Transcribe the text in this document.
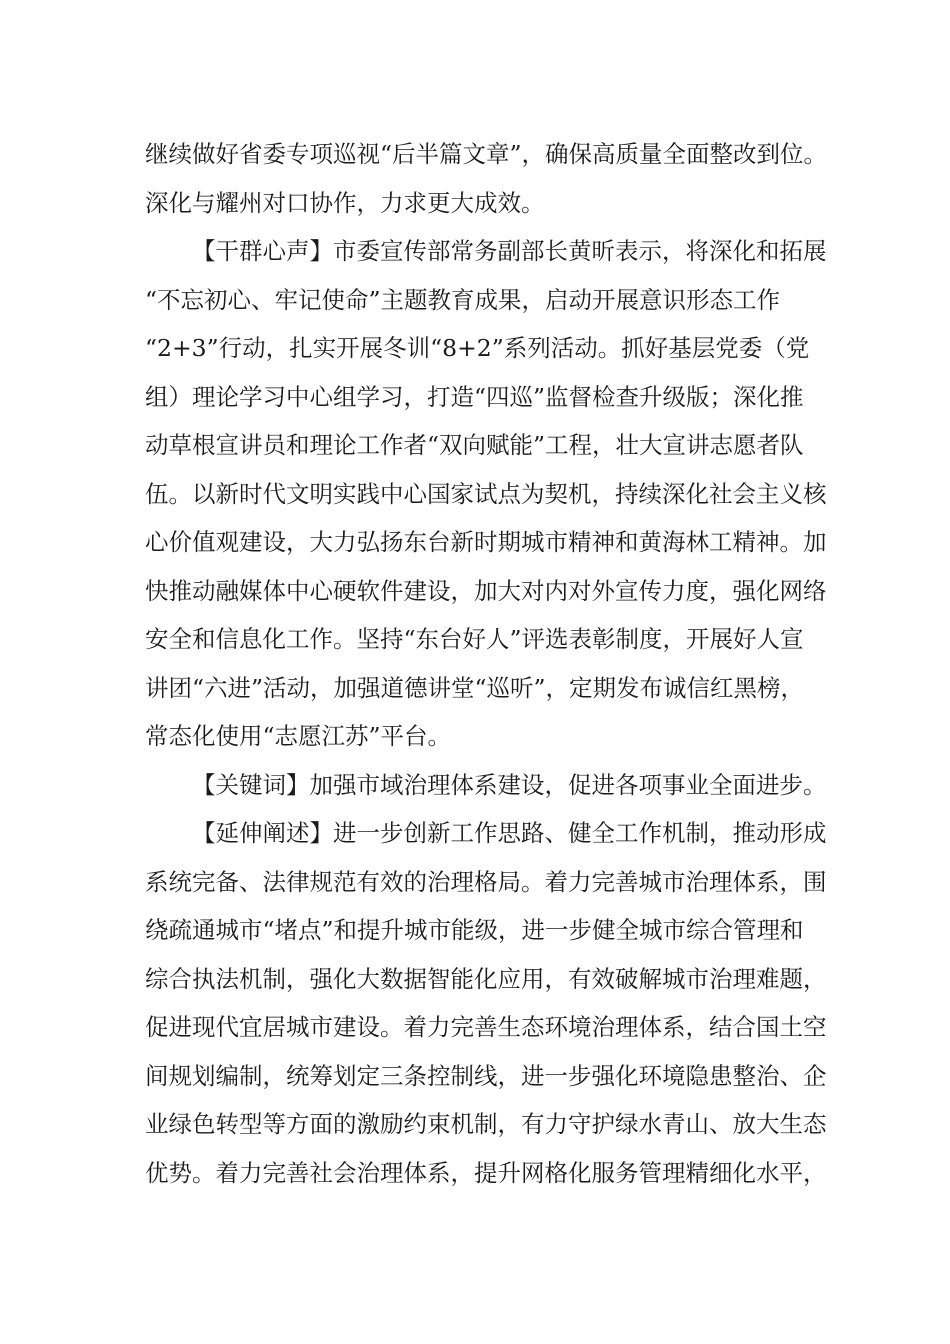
继续做好省委专项巡视“后半篇文章”，确保高质量全面整改到位。
深化与耀州对口协作，力求更大成效。
【干群心声】市委宣传部常务副部长黄昕表示，将深化和拓展
“不忘初心、牢记使命”主题教育成果，启动开展意识形态工作
“2+3”行动，扎实开展冬训“8+2”系列活动。抓好基层党委（党
组）理论学习中心组学习，打造“四巡”监督检查升级版；深化推
动草根宣讲员和理论工作者“双向赋能”工程，壮大宣讲志愿者队
伍。以新时代文明实践中心国家试点为契机，持续深化社会主义核
心价值观建设，大力弘扬东台新时期城市精神和黄海林工精神。加
快推动融媒体中心硬软件建设，加大对内对外宣传力度，强化网络
安全和信息化工作。坚持“东台好人”评选表彰制度，开展好人宣
讲团“六进”活动，加强道德讲堂“巡听”，定期发布诚信红黑榜，
常态化使用“志愿江苏”平台。
【关键词】加强市域治理体系建设，促进各项事业全面进步。
【延伸阐述】进一步创新工作思路、健全工作机制，推动形成
系统完备、法律规范有效的治理格局。着力完善城市治理体系，围
绕疏通城市“堵点”和提升城市能级，进一步健全城市综合管理和
综合执法机制，强化大数据智能化应用，有效破解城市治理难题，
促进现代宜居城市建设。着力完善生态环境治理体系，结合国土空
间规划编制，统筹划定三条控制线，进一步强化环境隐患整治、企
业绿色转型等方面的激励约束机制，有力守护绿水青山、放大生态
优势。着力完善社会治理体系，提升网格化服务管理精细化水平，
